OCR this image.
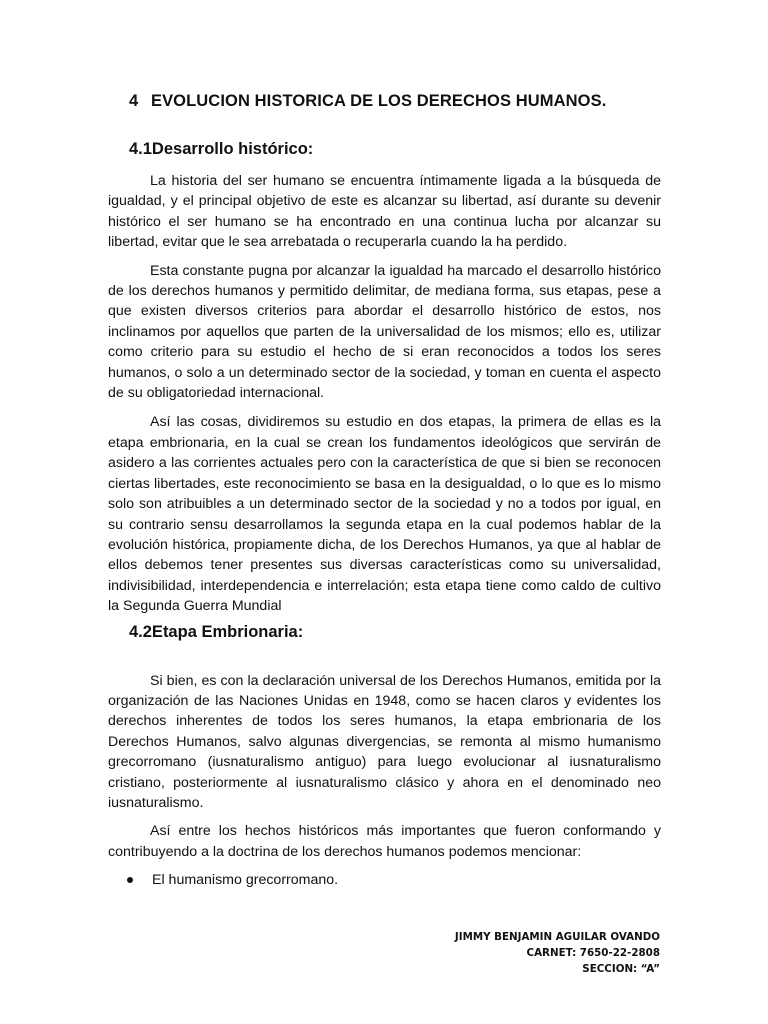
4 EVOLUCION HISTORICA DE LOS DERECHOS HUMANOS.
4.1Desarrollo histórico:

La historia del ser humano se encuentra íntimamente ligada a la búsqueda de igualdad, y el principal objetivo de este es alcanzar su libertad, así durante su devenir histórico el ser humano se ha encontrado en una continua lucha por alcanzar su libertad, evitar que le sea arrebatada o recuperarla cuando la ha perdido.

Esta constante pugna por alcanzar la igualdad ha marcado el desarrollo histórico de los derechos humanos y permitido delimitar, de mediana forma, sus etapas, pese a que existen diversos criterios para abordar el desarrollo histórico de estos, nos inclinamos por aquellos que parten de la universalidad de los mismos; ello es, utilizar como criterio para su estudio el hecho de si eran reconocidos a todos los seres humanos, o solo a un determinado sector de la sociedad, y toman en cuenta el aspecto de su obligatoriedad internacional.

Así las cosas, dividiremos su estudio en dos etapas, la primera de ellas es la etapa embrionaria, en la cual se crean los fundamentos ideológicos que servirán de asidero a las corrientes actuales pero con la característica de que si bien se reconocen ciertas libertades, este reconocimiento se basa en la desigualdad, o lo que es lo mismo solo son atribuibles a un determinado sector de la sociedad y no a todos por igual, en su contrario sensu desarrollamos la segunda etapa en la cual podemos hablar de la evolución histórica, propiamente dicha, de los Derechos Humanos, ya que al hablar de ellos debemos tener presentes sus diversas características como su universalidad, indivisibilidad, interdependencia e interrelación; esta etapa tiene como caldo de cultivo la Segunda Guerra Mundial

4.2Etapa Embrionaria:

Si bien, es con la declaración universal de los Derechos Humanos, emitida por la organización de las Naciones Unidas en 1948, como se hacen claros y evidentes los derechos inherentes de todos los seres humanos, la etapa embrionaria de los Derechos Humanos, salvo algunas divergencias, se remonta al mismo humanismo grecorromano (iusnaturalismo antiguo) para luego evolucionar al iusnaturalismo cristiano, posteriormente al iusnaturalismo clásico y ahora en el denominado neo iusnaturalismo.

Así entre los hechos históricos más importantes que fueron conformando y contribuyendo a la doctrina de los derechos humanos podemos mencionar:

El humanismo grecorromano.
JIMMY BENJAMIN AGUILAR OVANDO
CARNET: 7650-22-2808
SECCION: “A”
